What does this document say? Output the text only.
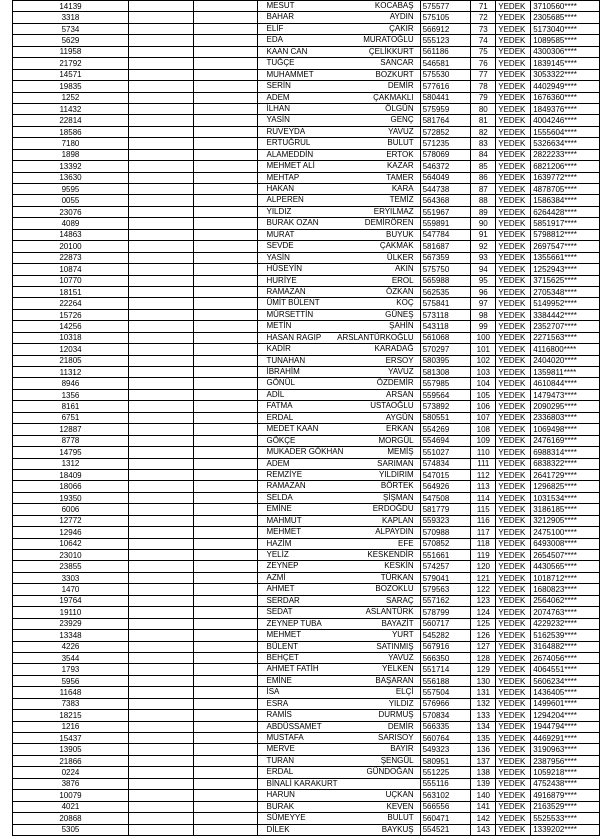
14139			MESUT KOCABAŞ	575577	71	YEDEK	3710560****
3318			BAHAR AYDIN	575105	72	YEDEK	2305685****
5734			ELİF ÇAKIR	566912	73	YEDEK	5173040****
5629			EDA MURATOĞLU	555123	74	YEDEK	1089585****
11958			KAAN CAN ÇELİKKURT	561186	75	YEDEK	4300306****
21792			TUĞÇE SANCAR	546581	76	YEDEK	1839145****
14571			MUHAMMET BOZKURT	575530	77	YEDEK	3053322****
19835			SERİN DEMİR	577616	78	YEDEK	4402949****
1252			ADEM ÇAKMAKLI	580441	79	YEDEK	1676360****
11432			İLHAN ÖLGÜN	575959	80	YEDEK	1849376****
22814			YASİN GENÇ	581764	81	YEDEK	4004246****
18586			RUVEYDA YAVUZ	572852	82	YEDEK	1555604****
7180			ERTUĞRUL BULUT	571235	83	YEDEK	5326634****
1898			ALAMEDDİN ERTOK	578069	84	YEDEK	2822233****
13392			MEHMET ALİ KAZAR	546372	85	YEDEK	6821206****
13630			MEHTAP TAMER	564049	86	YEDEK	1639772****
9595			HAKAN KARA	544738	87	YEDEK	4878705****
0055			ALPEREN TEMİZ	564368	88	YEDEK	1586384****
23076			YILDIZ ERYILMAZ	551967	89	YEDEK	6264428****
4089			BURAK OZAN DEMİRÖREN	559891	90	YEDEK	5851917****
14863			MURAT BUYUK	547784	91	YEDEK	5798812****
20100			SEVDE ÇAKMAK	581687	92	YEDEK	2697547****
22873			YASİN ÜLKER	567359	93	YEDEK	1355661****
10874			HÜSEYİN AKIN	575750	94	YEDEK	1252943****
10770			HURİYE EROL	565988	95	YEDEK	3715625****
18151			RAMAZAN ÖZKAN	562535	96	YEDEK	2705348****
22264			ÜMİT BÜLENT KOÇ	575841	97	YEDEK	5149952****
15726			MÜRSETTİN GÜNEŞ	573118	98	YEDEK	3384442****
14256			METİN ŞAHİN	543118	99	YEDEK	2352707****
10318			HASAN RAGIP ARSLANTÜRKOĞLU	561068	100	YEDEK	2271563****
12034			KADİR KARADAĞ	570297	101	YEDEK	4116800****
21805			TUNAHAN ERSOY	580395	102	YEDEK	2404020****
11312			İBRAHİM YAVUZ	581308	103	YEDEK	1359811****
8946			GÖNÜL ÖZDEMİR	557985	104	YEDEK	4610844****
1356			ADİL ARSAN	559564	105	YEDEK	1479473****
8161			FATMA USTAOĞLU	573892	106	YEDEK	2090295****
6751			ERDAL AYGÜN	580551	107	YEDEK	2336803****
12887			MEDET KAAN ERKAN	554269	108	YEDEK	1069498****
8778			GÖKÇE MORGÜL	554694	109	YEDEK	2476169****
14795			MUKADER GÖKHAN MEMİŞ	551027	110	YEDEK	6988314****
1312			ADEM SARIMAN	574834	111	YEDEK	6838322****
18409			REMZİYE YILDIRIM	547015	112	YEDEK	2641729****
18066			RAMAZAN BÖRTEK	564926	113	YEDEK	1296825****
19350			SELDA ŞİŞMAN	547508	114	YEDEK	1031534****
6006			EMİNE ERDOĞDU	581779	115	YEDEK	3186185****
12772			MAHMUT KAPLAN	559323	116	YEDEK	3212905****
12946			MEHMET ALPAYDIN	570988	117	YEDEK	2475100****
10642			HAZİM EFE	570852	118	YEDEK	6493008****
23010			YELİZ KESKENDİR	551661	119	YEDEK	2654507****
23855			ZEYNEP KESKİN	574257	120	YEDEK	4430565****
3303			AZMİ TÜRKAN	579041	121	YEDEK	1018712****
1470			AHMET BOZOKLU	579563	122	YEDEK	1680823****
19764			SERDAR SARAÇ	557162	123	YEDEK	2564062****
19110			SEDAT ASLANTÜRK	578799	124	YEDEK	2074763****
23929			ZEYNEP TUBA BAYAZİT	560717	125	YEDEK	4229232****
13348			MEHMET YURT	545282	126	YEDEK	5162539****
4226			BÜLENT SATINMIŞ	567916	127	YEDEK	3164882****
3544			BEHÇET YAVUZ	566350	128	YEDEK	2674056****
1793			AHMET FATİH YELKEN	551714	129	YEDEK	4064551****
5956			EMİNE BAŞARAN	556188	130	YEDEK	5606234****
11648			İSA ELÇİ	557504	131	YEDEK	1436405****
7383			ESRA YILDIZ	576966	132	YEDEK	1499601****
18215			RAMİS DURMUŞ	570834	133	YEDEK	1294204****
1216			ABDÜSSAMET DEMİR	566335	134	YEDEK	1944794****
15437			MUSTAFA SARISOY	560764	135	YEDEK	4469291****
13905			MERVE BAYIR	549323	136	YEDEK	3190963****
21866			TURAN ŞENGÜL	580951	137	YEDEK	2387956****
0224			ERDAL GÜNDOĞAN	551225	138	YEDEK	1059218****
3876			BİNALİ KARAKURT	555116	139	YEDEK	4752438****
10079			HARUN UÇKAN	563102	140	YEDEK	4916879****
4021			BURAK KEVEN	566556	141	YEDEK	2163529****
20868			SÜMEYYE BULUT	560471	142	YEDEK	5525533****
5305			DİLEK BAYKUŞ	554521	143	YEDEK	1339202****
